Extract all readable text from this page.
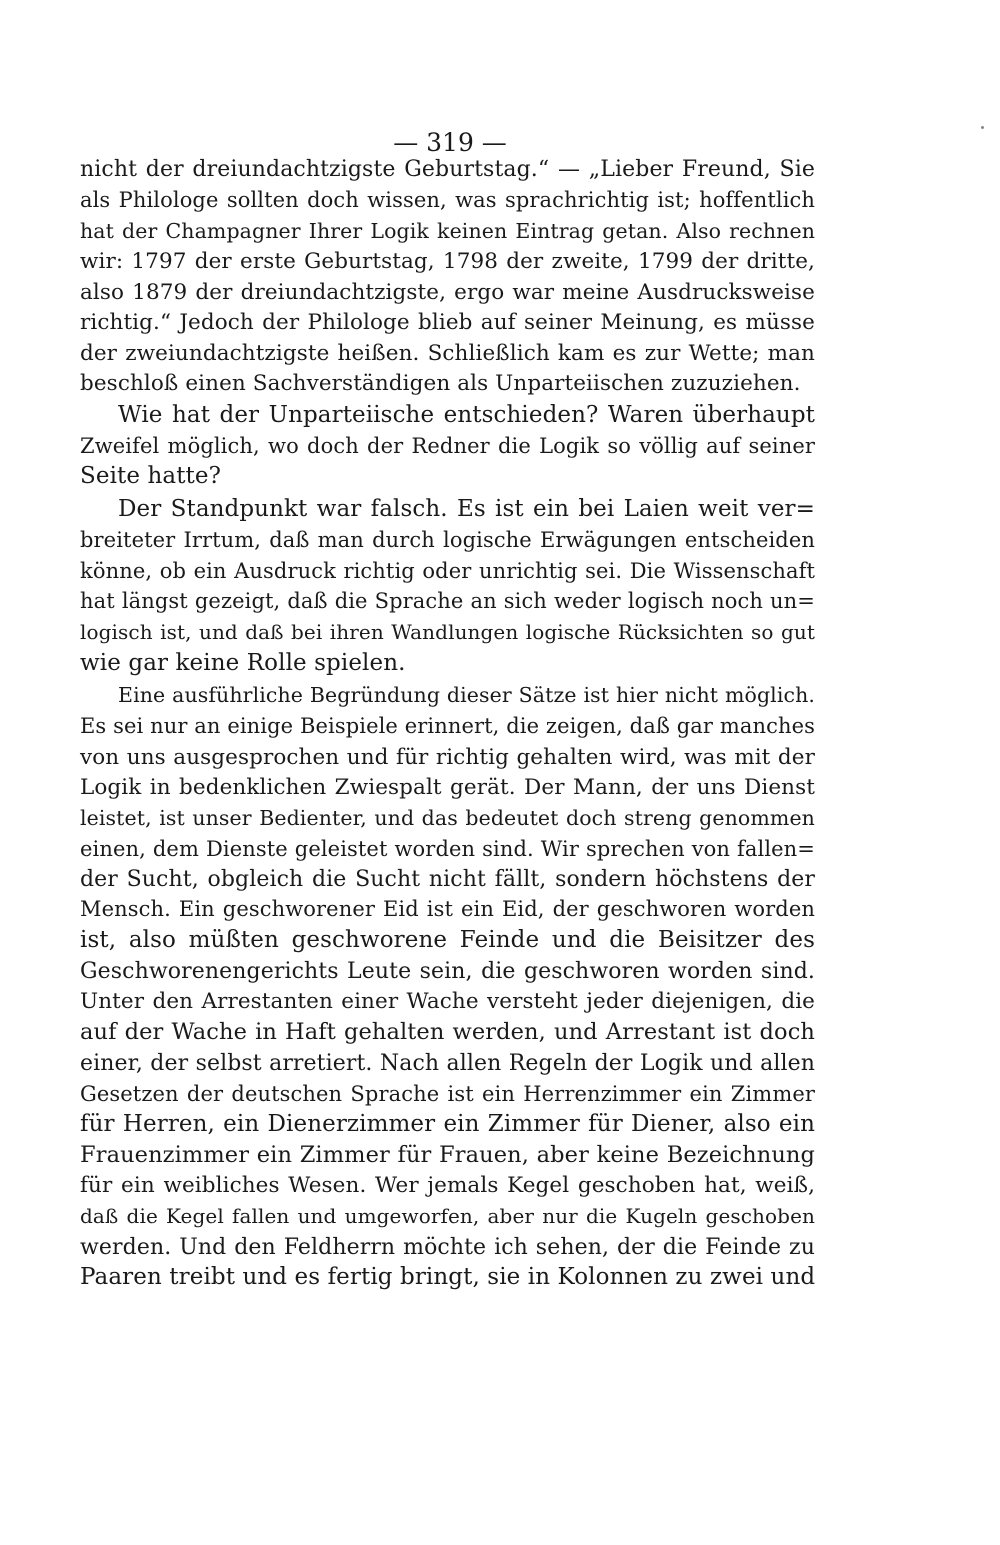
— 319 —
nicht der dreiundachtzigste Geburtstag.“ — „Lieber Freund, Sie
als Philologe sollten doch wissen, was sprachrichtig ist; hoffentlich
hat der Champagner Ihrer Logik keinen Eintrag getan. Also rechnen
wir: 1797 der erste Geburtstag, 1798 der zweite, 1799 der dritte,
also 1879 der dreiundachtzigste, ergo war meine Ausdrucksweise
richtig.“ Jedoch der Philologe blieb auf seiner Meinung, es müsse
der zweiundachtzigste heißen. Schließlich kam es zur Wette; man
beschloß einen Sachverständigen als Unparteiischen zuzuziehen.
Wie hat der Unparteiische entschieden? Waren überhaupt
Zweifel möglich, wo doch der Redner die Logik so völlig auf seiner
Seite hatte?
Der Standpunkt war falsch. Es ist ein bei Laien weit ver=
breiteter Irrtum, daß man durch logische Erwägungen entscheiden
könne, ob ein Ausdruck richtig oder unrichtig sei. Die Wissenschaft
hat längst gezeigt, daß die Sprache an sich weder logisch noch un=
logisch ist, und daß bei ihren Wandlungen logische Rücksichten so gut
wie gar keine Rolle spielen.
Eine ausführliche Begründung dieser Sätze ist hier nicht möglich.
Es sei nur an einige Beispiele erinnert, die zeigen, daß gar manches
von uns ausgesprochen und für richtig gehalten wird, was mit der
Logik in bedenklichen Zwiespalt gerät. Der Mann, der uns Dienst
leistet, ist unser Bedienter, und das bedeutet doch streng genommen
einen, dem Dienste geleistet worden sind. Wir sprechen von fallen=
der Sucht, obgleich die Sucht nicht fällt, sondern höchstens der
Mensch. Ein geschworener Eid ist ein Eid, der geschworen worden
ist, also müßten geschworene Feinde und die Beisitzer des
Geschworenengerichts Leute sein, die geschworen worden sind.
Unter den Arrestanten einer Wache versteht jeder diejenigen, die
auf der Wache in Haft gehalten werden, und Arrestant ist doch
einer, der selbst arretiert. Nach allen Regeln der Logik und allen
Gesetzen der deutschen Sprache ist ein Herrenzimmer ein Zimmer
für Herren, ein Dienerzimmer ein Zimmer für Diener, also ein
Frauenzimmer ein Zimmer für Frauen, aber keine Bezeichnung
für ein weibliches Wesen. Wer jemals Kegel geschoben hat, weiß,
daß die Kegel fallen und umgeworfen, aber nur die Kugeln geschoben
werden. Und den Feldherrn möchte ich sehen, der die Feinde zu
Paaren treibt und es fertig bringt, sie in Kolonnen zu zwei und
